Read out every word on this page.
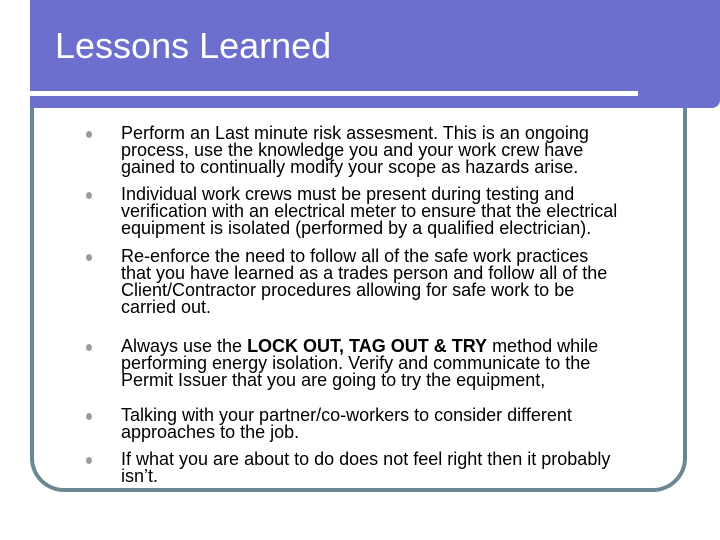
Lessons Learned

Perform an Last minute risk assesment. This is an ongoing
process, use the knowledge you and your work crew have
gained to continually modify your scope as hazards arise.

Individual work crews must be present during testing and
verification with an electrical meter to ensure that the electrical
equipment is isolated (performed by a qualified electrician).

Re-enforce the need to follow all of the safe work practices
that you have learned as a trades person and follow all of the
Client/Contractor procedures allowing for safe work to be
carried out.

Always use the LOCK OUT, TAG OUT & TRY method while
performing energy isolation. Verify and communicate to the
Permit Issuer that you are going to try the equipment,

Talking with your partner/co-workers to consider different
approaches to the job.

If what you are about to do does not feel right then it probably
isn’t.
